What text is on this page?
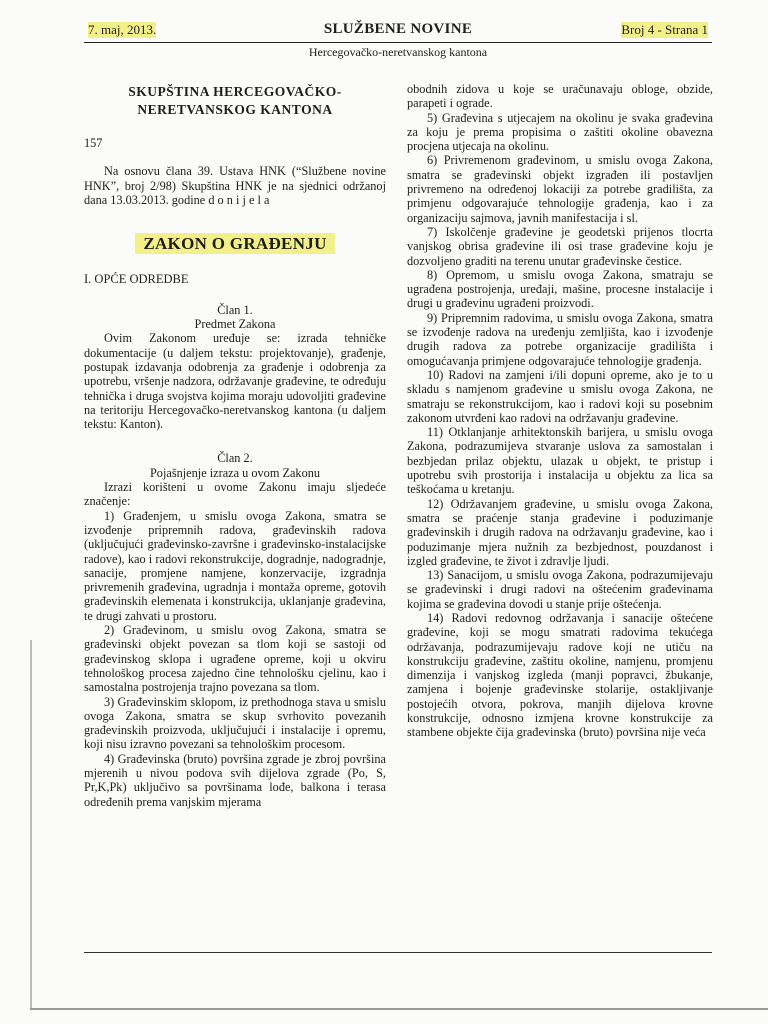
7. maj, 2013.	SLUŽBENE NOVINE	Broj 4 - Strana 1
Hercegovačko-neretvanskog kantona

SKUPŠTINA HERCEGOVAČKO-

NERETVANSKOG KANTONA

157

Na osnovu člana 39. Ustava HNK (“Službene novine HNK”, broj 2/98) Skupština HNK je na sjednici održanoj dana 13.03.2013. godine d o n i j e l a

ZAKON O GRAĐENJU

I. OPĆE ODREDBE

Član 1.

Predmet Zakona

Ovim Zakonom uređuje se: izrada tehničke dokumentacije (u daljem tekstu: projektovanje), građenje, postupak izdavanja odobrenja za građenje i odobrenja za upotrebu, vršenje nadzora, održavanje građevine, te određuju tehnička i druga svojstva kojima moraju udovoljiti građevine na teritoriju Hercegovačko-neretvanskog kantona (u daljem tekstu: Kanton).

Član 2.

Pojašnjenje izraza u ovom Zakonu

Izrazi korišteni u ovome Zakonu imaju sljedeće značenje:

1) Građenjem, u smislu ovoga Zakona, smatra se izvođenje pripremnih radova, građevinskih radova (uključujući građevinsko-završne i građevinsko-instalacijske radove), kao i radovi rekonstrukcije, dogradnje, nadogradnje, sanacije, promjene namjene, konzervacije, izgradnja privremenih građevina, ugradnja i montaža opreme, gotovih građevinskih elemenata i konstrukcija, uklanjanje građevina, te drugi zahvati u prostoru.

2) Građevinom, u smislu ovog Zakona, smatra se građevinski objekt povezan sa tlom koji se sastoji od građevinskog sklopa i ugrađene opreme, koji u okviru tehnološkog procesa zajedno čine tehnološku cjelinu, kao i samostalna postrojenja trajno povezana sa tlom.

3) Građevinskim sklopom, iz prethodnoga stava u smislu ovoga Zakona, smatra se skup svrhovito povezanih građevinskih proizvoda, uključujući i instalacije i opremu, koji nisu izravno povezani sa tehnološkim procesom.

4) Građevinska (bruto) površina zgrade je zbroj površina mjerenih u nivou podova svih dijelova zgrade (Po, S, Pr,K,Pk) uključivo sa površinama lođe, balkona i terasa određenih prema vanjskim mjerama

obodnih zidova u koje se uračunavaju obloge, obzide, parapeti i ograde.

5) Građevina s utjecajem na okolinu je svaka građevina za koju je prema propisima o zaštiti okoline obavezna procjena utjecaja na okolinu.

6) Privremenom građevinom, u smislu ovoga Zakona, smatra se građevinski objekt izgrađen ili postavljen privremeno na određenoj lokaciji za potrebe gradilišta, za primjenu odgovarajuće tehnologije građenja, kao i za organizaciju sajmova, javnih manifestacija i sl.

7) Iskolčenje građevine je geodetski prijenos tlocrta vanjskog obrisa građevine ili osi trase građevine koju je dozvoljeno graditi na terenu unutar građevinske čestice.

8) Opremom, u smislu ovoga Zakona, smatraju se ugrađena postrojenja, uređaji, mašine, procesne instalacije i drugi u građevinu ugrađeni proizvodi.

9) Pripremnim radovima, u smislu ovoga Zakona, smatra se izvođenje radova na uređenju zemljišta, kao i izvođenje drugih radova za potrebe organizacije gradilišta i omogućavanja primjene odgovarajuće tehnologije građenja.

10) Radovi na zamjeni i/ili dopuni opreme, ako je to u skladu s namjenom građevine u smislu ovoga Zakona, ne smatraju se rekonstrukcijom, kao i radovi koji su posebnim zakonom utvrđeni kao radovi na održavanju građevine.

11) Otklanjanje arhitektonskih barijera, u smislu ovoga Zakona, podrazumijeva stvaranje uslova za samostalan i bezbjedan prilaz objektu, ulazak u objekt, te pristup i upotrebu svih prostorija i instalacija u objektu za lica sa teškoćama u kretanju.

12) Održavanjem građevine, u smislu ovoga Zakona, smatra se praćenje stanja građevine i poduzimanje građevinskih i drugih radova na održavanju građevine, kao i poduzimanje mjera nužnih za bezbjednost, pouzdanost i izgled građevine, te život i zdravlje ljudi.

13) Sanacijom, u smislu ovoga Zakona, podrazumijevaju se građevinski i drugi radovi na oštećenim građevinama kojima se građevina dovodi u stanje prije oštećenja.

14) Radovi redovnog održavanja i sanacije oštećene građevine, koji se mogu smatrati radovima tekućega održavanja, podrazumijevaju radove koji ne utiču na konstrukciju građevine, zaštitu okoline, namjenu, promjenu dimenzija i vanjskog izgleda (manji popravci, žbukanje, zamjena i bojenje građevinske stolarije, ostakljivanje postojećih otvora, pokrova, manjih dijelova krovne konstrukcije, odnosno izmjena krovne konstrukcije za stambene objekte čija građevinska (bruto) površina nije veća
